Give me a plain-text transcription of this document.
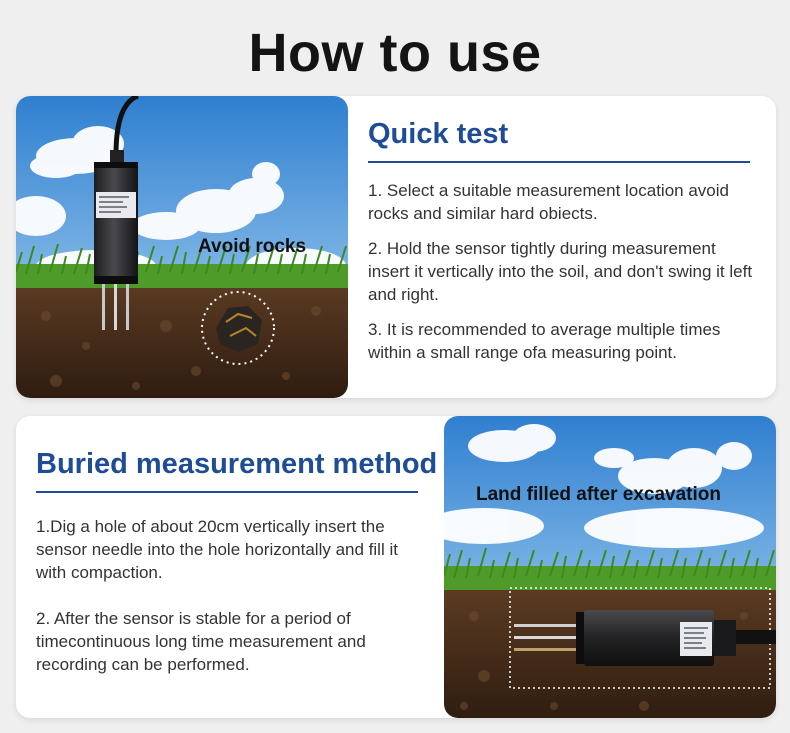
How to use
Avoid rocks
Quick test

1. Select a suitable measurement location avoid rocks and similar hard obiects.

2. Hold the sensor tightly during measurement insert it vertically into the soil, and don't swing it left and right.

3. It is recommended to average multiple times within a small range ofa measuring point.

Buried measurement method

1.Dig a hole of about 20cm vertically insert the sensor needle into the hole horizontally and fill it with compaction.

2. After the sensor is stable for a period of timecontinuous long time measurement and recording can be performed.

Land filled after excavation
